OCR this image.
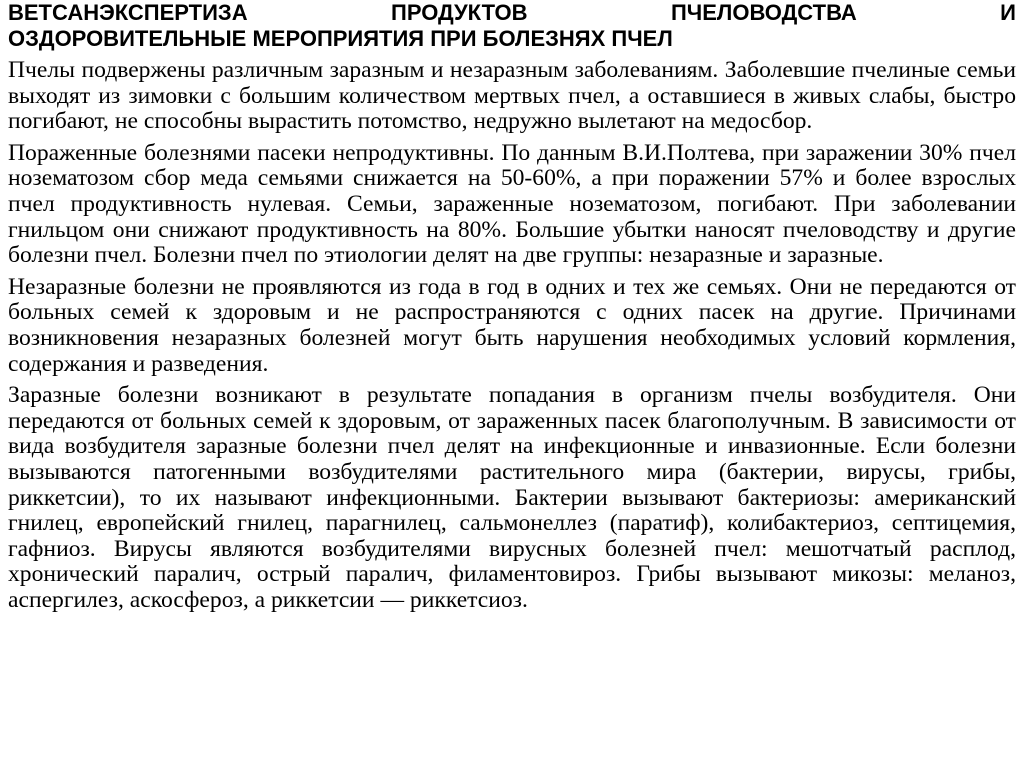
ВЕТСАНЭКСПЕРТИЗА ПРОДУКТОВ ПЧЕЛОВОДСТВА И
ОЗДОРОВИТЕЛЬНЫЕ МЕРОПРИЯТИЯ ПРИ БОЛЕЗНЯХ ПЧЕЛ

Пчелы подвержены различным заразным и незаразным заболеваниям. Заболевшие пчелиные семьи выходят из зимовки с большим количеством мертвых пчел, а оставшиеся в живых слабы, быстро погибают, не способны вырастить потомство, недружно вылетают на медосбор.

Пораженные болезнями пасеки непродуктивны. По данным В.И.Полтева, при заражении 30% пчел нозематозом сбор меда семьями снижается на 50-60%, а при поражении 57% и более взрослых пчел продуктивность нулевая. Семьи, зараженные нозематозом, погибают. При заболевании гнильцом они снижают продуктивность на 80%. Большие убытки наносят пчеловодству и другие болезни пчел. Болезни пчел по этиологии делят на две группы: незаразные и заразные.

Незаразные болезни не проявляются из года в год в одних и тех же семьях. Они не передаются от больных семей к здоровым и не распространяются с одних пасек на другие. Причинами возникновения незаразных болезней могут быть нарушения необходимых условий кормления, содержания и разведения.

Заразные болезни возникают в результате попадания в организм пчелы возбудителя. Они передаются от больных семей к здоровым, от зараженных пасек благополучным. В зависимости от вида возбудителя заразные болезни пчел делят на инфекционные и инвазионные. Если болезни вызываются патогенными возбудителями растительного мира (бактерии, вирусы, грибы, риккетсии), то их называют инфекционными. Бактерии вызывают бактериозы: американский гнилец, европейский гнилец, парагнилец, сальмонеллез (паратиф), колибактериоз, септицемия, гафниоз. Вирусы являются возбудителями вирусных болезней пчел: мешотчатый расплод, хронический паралич, острый паралич, филаментовироз. Грибы вызывают микозы: меланоз, аспергилез, аскосфероз, а риккетсии — риккетсиоз.
